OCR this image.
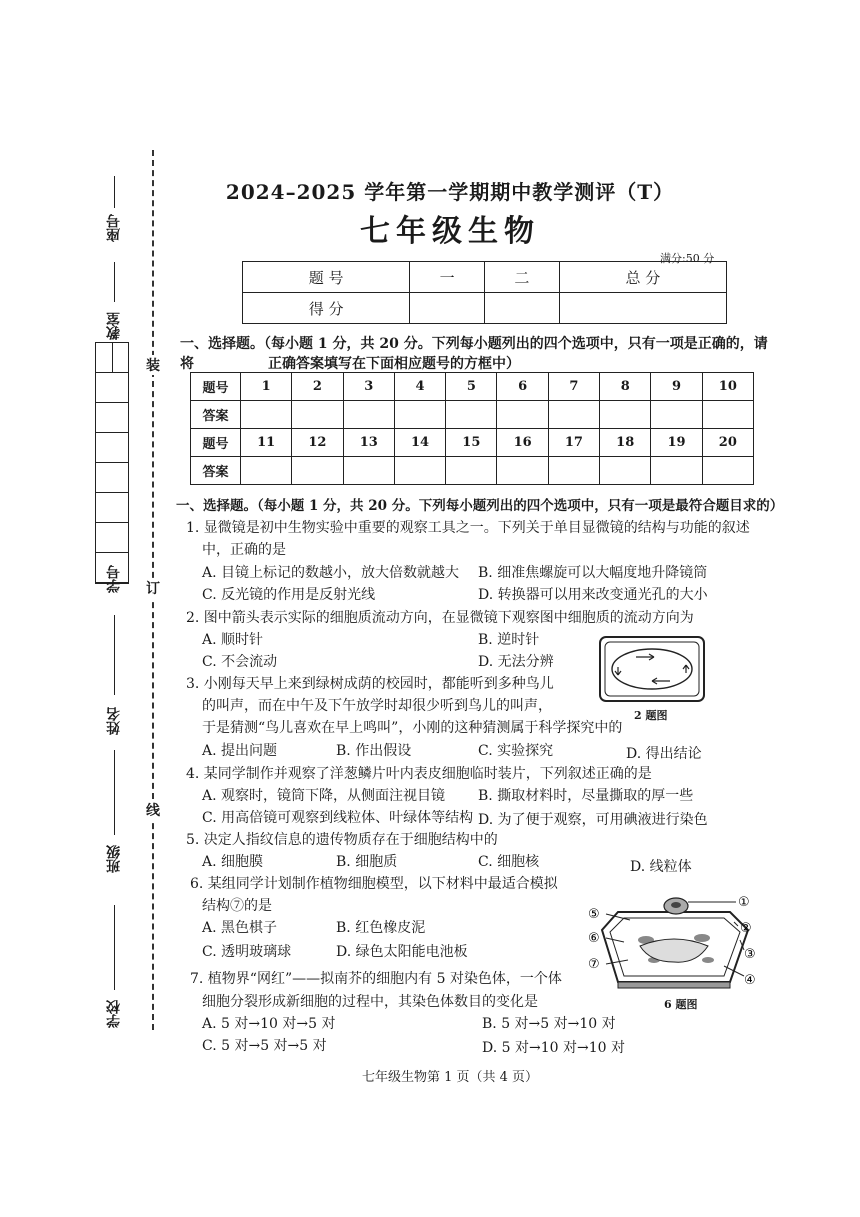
装
订
线
座号
教室
学号
姓名
班级
学校
2024–2025 学年第一学期期中教学测评（T）
七年级生物
满分:50 分
题 号	一	二	总 分
得 分			
一、选择题。（每小题 1 分，共 20 分。下列每小题列出的四个选项中，只有一项是正确的，请将	正确答案填写在下面相应题号的方框中）
题号	1	2	3	4	5	6	7	8	9	10
答案										
题号	11	12	13	14	15	16	17	18	19	20
答案										
一、选择题。（每小题 1 分，共 20 分。下列每小题列出的四个选项中，只有一项是最符合题目求的）
1. 显微镜是初中生物实验中重要的观察工具之一。下列关于单目显微镜的结构与功能的叙述
中，正确的是
A. 目镜上标记的数越小，放大倍数就越大 B. 细准焦螺旋可以大幅度地升降镜筒
C. 反光镜的作用是反射光线	D. 转换器可以用来改变通光孔的大小
2. 图中箭头表示实际的细胞质流动方向，在显微镜下观察图中细胞质的流动方向为
A. 顺时针	B. 逆时针
C. 不会流动	D. 无法分辨
2 题图
3. 小刚每天早上来到绿树成荫的校园时，都能听到多种鸟儿
的叫声，而在中午及下午放学时却很少听到鸟儿的叫声，
于是猜测“鸟儿喜欢在早上鸣叫”，小刚的这种猜测属于科学探究中的
A. 提出问题	B. 作出假设	C. 实验探究	D. 得出结论
4. 某同学制作并观察了洋葱鳞片叶内表皮细胞临时装片，下列叙述正确的是
A. 观察时，镜筒下降，从侧面注视目镜 B. 撕取材料时，尽量撕取的厚一些
C. 用高倍镜可观察到线粒体、叶绿体等结构 D. 为了便于观察，可用碘液进行染色
5. 决定人指纹信息的遗传物质存在于细胞结构中的
A. 细胞膜	B. 细胞质	C. 细胞核	D. 线粒体
6. 某组同学计划制作植物细胞模型，以下材料中最适合模拟
结构⑦的是
A. 黑色棋子	B. 红色橡皮泥
C. 透明玻璃球	D. 绿色太阳能电池板
①
②
③
④
⑤
⑥
⑦
6 题图
7. 植物界“网红”——拟南芥的细胞内有 5 对染色体，一个体
细胞分裂形成新细胞的过程中，其染色体数目的变化是
A. 5 对→10 对→5 对	B. 5 对→5 对→10 对
C. 5 对→5 对→5 对	D. 5 对→10 对→10 对
七年级生物第 1 页（共 4 页）
